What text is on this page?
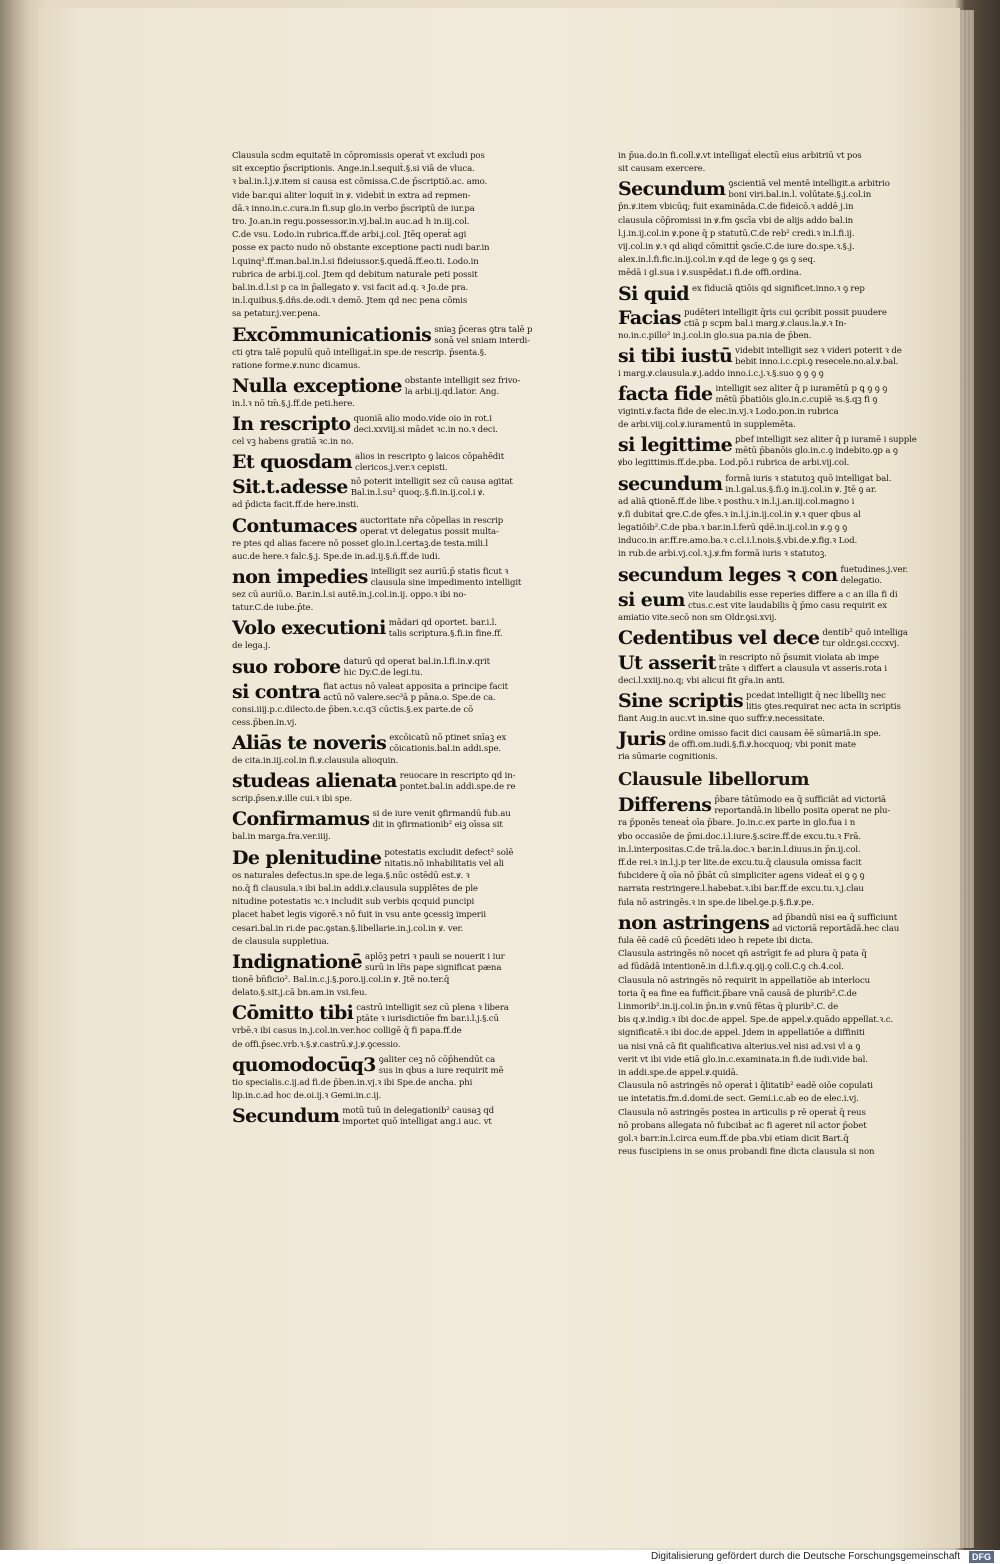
Clausula scdm equitatē in cōpromissis operaṫ vt excludi pos
sit exceptio p̄scriptionis. Ange.in.l.sequiṫ.§.si viā de vluca.
ꝛ bal.in.l.j.ꝟ.item si causa est cōmissa.C.de p̄scriptiõ.ac. amo.
vide bar.qui aliter loquiṫ in ꝟ. videbiṫ in extra ad repmen-
dā.ꝛ inno.in.c.cura.in fi.sup glo.in verbo p̄scriptū de iur.pa
tro. Jo.an.in regu.possessor.in.vj.bal.in auc.ad h in.iij.col.
C.de vsu. Lodo.in rubrica.ff.de arbi.j.col. Jtēq operaṫ agi
posse ex pacto nudo nō obstante exceptione pacti nudi bar.in
l.quinq².ff.man.bal.in.l.si fideiussor.§.quedā.ff.eo.ti. Lodo.in
rubrica de arbi.ij.col. Jtem qd debitum naturale peti possit
bal.in.d.l.si p ca in p̄allegato ꝟ. vsi facit ad.q. ꝛ Jo.de pra.
in.l.quibus.§.dñs.de.odi.ꝛ demō. Jtem qd nec pena cōmis
sa petatur.j.ver.pena.
Excōmmunicationis sniaꝫ p̄ceras ꝯtra talē p
sonā vel sniam interdi-
cti ꝯtra talē populū quō intelligaṫ.in spe.de rescrip. p̄senta.§.
ratione forme.ꝟ.nunc dicamus.
Nulla exceptione obstante intelligiṫ sez frivo-
la arbi.ij.qd.lator. Ang.
in.l.ꝛ nō tm̄.§.j.ff.de peti.here.
In rescripto quoniā alio modo.vide oio in rot.i
deci.xxviij.si mādeṫ ꝛc.in no.ꝛ deci.
cel vꝫ habens gratiā ꝛc.in no.
Et quosdam alios in rescripto ꝯ laicos cōpahēdit
clericos.j.ver.ꝛ cepisti.
Sit.t.adesse nō poterit intelligiṫ sez cū causa agitaṫ
Bal.in.l.su² quoq;.§.fi.in.ij.col.i ꝟ.
ad p̄dicta facit.ff.de here.insti.
Contumaces auctoritate nr̄a cōpellas in rescrip
operaṫ vt delegatus possit multa-
re ptes qd alias facere nō posset glo.in.l.certaꝫ.de testa.mili.l
auc.de here.ꝛ falc.§.j. Spe.de in.ad.ij.§.ñ.ff.de iudi.
non impedies intelligiṫ sez auriū.p̄ statis ficut ꝛ
clausula sine impedimento intelligiṫ
sez cū auriū.o. Bar.in.l.si autē.in.j.col.in.ij. oppo.ꝛ ibi no-
tatur.C.de iube.p̄te.
Volo executioni mādari qd oportet. bar.i.l.
talis scriptura.§.fi.in fine.ff.
de lega.j.
suo robore daturū qd operaṫ bal.in.l.fi.in.ꝟ.qrit
hic Dy.C.de legi.tu.
si contra fiat actus nō valeat apposita a principe facit
actū nō valere.sec³ā p pāna.o. Spe.de ca.
consi.iiij.p.c.dilecto.de p̄ben.ꝛ.c.q3 cūctis.§.ex parte.de cō
cess.p̄ben.in.vj.
Aliās te noveris excōicatū nō ptinet snīaꝫ ex
cōicationis.bal.in addi.spe.
de cita.in.iij.col.in fi.ꝟ.clausula alioquin.
studeas alienata reuocare in rescripto qd in-
pontet.bal.in addi.spe.de re
scrip.p̄sen.ꝟ.ille cui.ꝛ ibi spe.
Confirmamus si de iure venit ꝯfirmandū fub.au
dit in ꝯfirmationib² eiꝫ oīssa sit
bal.in marga.fra.ver.iiij.
De plenitudine potestatis excludit defect² solē
nitatis.nō inhabilitatis vel ali
os naturales defectus.in spe.de lega.§.nūc ostēdū est.ꝟ. ꝛ
no.q̄ fi clausula.ꝛ ibi bal.in addi.ꝟ.clausula supplētes de ple
nitudine potestatis ꝛc.ꝛ includit sub verbis qcquid puncipi
placet habet legis vigorē.ꝛ nō fuit in vsu ante ꝯcessiꝫ imperii
cesari.bal.in ri.de pac.ꝯstan.§.libellarie.in.j.col.in ꝟ. ver.
de clausula suppletiua.
Indignationē aplōꝫ petri ꝛ pauli se nouerit i iur
surū in lr̄is pape significat pæna
tionē b̄n̄ficio². Bal.in.c.j.§.poro.ij.col.in ꝟ. Jtē no.ter.q̄
delato.§.sit.j.cā bn.am.in vsi.feu.
Cōmitto tibi castrū intelligiṫ sez cū plena ꝛ libera
ptāte ꝛ iurisdictiōe fm bar.i.l.j.§.cū
vrbē.ꝛ ibi casus in.j.col.in.ver.hoc colligē q̄ fi papa.ff.de
de offi.p̄sec.vrb.ꝛ.§.ꝟ.castrū.ꝟ.j.ꝟ.ꝯcessio.
quomodocūq3 ꝯaliter ceꝫ nō cōp̄hendūt ca
sus in qbus a iure requirit mē
tio specialis.c.ij.ad fi.de p̄ben.in.vj.ꝛ ibi Spe.de ancha. phi
lip.in.c.ad hoc de.oi.ij.ꝛ Gemi.in.c.ij.
Secundum motū tuū in delegationib² causaꝫ qd
importet quō intelligaṫ ang.i auc. vt
in p̄ua.do.in fi.coll.ꝟ.vt intelligaṫ electū eius arbitriū vt pos
sit causam exercere.
Secundum ꝯscientiā vel mentē intelligiṫ.a arbitrio
boni viri.bal.in.l. volūtate.§.j.col.in
p̄n.ꝟ.item vbicūq; fuit examināda.C.de fideicō.ꝛ addē j.in
clausula cōp̄romissi in ꝟ.fm ꝯscīa vbi de alijs addo bal.in
l.j.in.ij.col.in ꝟ.pone q̄ p statutū.C.de reb² credi.ꝛ in.l.fi.ij.
vij.col.in ꝟ.ꝛ qd aliqd cōmittiṫ ꝯscīe.C.de iure do.spe.ꝛ.§.j.
alex.in.l.fi.fic.in.ij.col.in ꝟ.qd de lege ꝯ ꝯs ꝯ seq.
mēdā i gl.sua i ꝟ.suspēdat.i fi.de offi.ordina.
Si quid ex fiduciā ꝗtiōis qd significet.inno.ꝛ ꝯ rep
Facias pudēteri intelligiṫ q̄ris cui ꝯcribit possit puudere
ctiā p scpm bal.i marg.ꝟ.claus.la.ꝟ.ꝛ In-
no.in.c.pillo² in.j.col.in glo.sua pa.nia de p̄ben.
si tibi iustū videbiṫ intelligiṫ sez ꝛ videri poterit ꝛ de
bebit inno.i.c.cpi.ꝯ resecele.no.al.ꝟ.bal.
i marg.ꝟ.clausula.ꝟ.j.addo inno.i.c.j.ꝛ.§.suo ꝯ ꝯ ꝯ ꝯ
facta fide intelligiṫ sez aliter q̄ p iuramētū p ꝗ ꝯ ꝯ ꝯ
mētū p̄batiōis glo.in.c.cupiē ꝛs.§.qꝫ fi ꝯ
viginti.ꝟ.facta fide de elec.in.vj.ꝛ Lodo.pon.in rubrica
de arbi.viij.col.ꝟ.iuramentū in supplemēta.
si legittime ꝑbef intelligiṫ sez aliter q̄ p iuramē i supple
mētū p̄banōis glo.in.c.ꝯ indebito.ꝯp a ꝯ
ꝟbo legittimis.ff.de.pba. Lod.pō.i rubrica de arbi.vij.col.
secundum formā iuris ꝛ statutoꝫ quō intelligaṫ bal.
in.l.gal.us.§.fi.ꝯ in.ij.col.in ꝟ. Jtē ꝯ ar.
ad aliā ꝗtionē.ff.de libe.ꝛ posthu.ꝛ in.l.j.an.iij.col.magno i
ꝟ.ſi dubitaṫ ꝗre.C.de ꝯfes.ꝛ in.l.j.in.ij.col.in ꝟ.ꝛ quer qbus al
legatiōib².C.de pba.ꝛ bar.in.l.ferū qdē.in.ij.col.in ꝟ.ꝯ ꝯ ꝯ
induco.in ar.ff.re.amo.ba.ꝛ c.cl.i.l.nois.§.vbi.de.ꝟ.fig.ꝛ Lod.
in rub.de arbi.vj.col.ꝛ.j.ꝟ.fm formā iuris ꝛ statutoꝫ.
secundum leges ꝛ con fuetudines.j.ver.
delegatio.
si eum vite laudabilis esse reperies differe a c an illa fi di
ctus.c.est vite laudabilis q̄ p̄mo casu requirit ex
amiatio vite.secō non sm Oldr.ꝯsi.xvij.
Cedentibus vel dece dentib² quō intelliga
tur oldr.ꝯsi.cccxvj.
Ut asserit in rescripto nō p̄sumiṫ violata ab impe
trāte ꝛ differt a clausula vt asseris.rota i
deci.l.xxiij.no.q; vbi alicui fit gr̄a.in anti.
Sine scriptis pcedaṫ intelligiṫ q̄ nec libelliꝫ nec
litis ꝯtes.requiraṫ nec acta in scriptis
fiant Aug.in auc.vt in.sine quo suffr.ꝟ.necessitate.
Juris ordine omisso facit dici causam ēē sūmariā.in spe.
de offi.om.iudi.§.fi.ꝟ.hocquoq; vbi ponit mate
ria sūmarie cognitionis.
Clausule libellorum
Differens p̄bare tātūmodo ea q̄ sufficiāt ad victoriā
reportandā.in libello posita operaṫ ne plu-
ra p̄ponēs teneaṫ oīa p̄bare. Jo.in.c.ex parte in glo.fua i n
ꝟbo occasiōe de p̄mi.doc.i.l.iure.§.scire.ff.de excu.tu.ꝛ Frā.
in.l.interpositas.C.de trā.la.doc.ꝛ bar.in.l.diuus.in p̄n.ij.col.
ff.de rei.ꝛ in.l.j.p ter lite.de excu.tu.q̄ clausula omissa facit
fubcidere q̄ oīa nō p̄bāt cū simpliciter agens videaṫ ei ꝯ ꝯ ꝯ
narrata restringere.l.habebat.ꝛ.ibi bar.ff.de excu.tu.ꝛ.j.clau
fula nō astringēs.ꝛ in spe.de libel.ꝯe.p.§.fi.ꝟ.pe.
non astringens ad p̄bandū nisi ea q̄ sufficiunt
ad victoriā reportādā.hec clau
fula ēē cadē cū p̄cedēti ideo h repete ibi dicta.
Clausula astringēs nō nocet qñ astrīgit fe ad plura q̄ pata q̄
ad fūdādā intentionē.in d.l.fi.ꝟ.q.ꝯij.ꝯ coll.C.ꝯ ch.4.col.
Clausula nō astringēs nō requirit in appellatiōe ab interlocu
toria q̄ ea fine ea fufficit.p̄bare vnā causā de plurib².C.de
l.inmorib².in.ij.col.in p̄n.in ꝟ.vnū fētas q̄ plurib².C. de
bis q.ꝟ.indig.ꝛ ibi doc.de appel. Spe.de appel.ꝟ.quādo appellat.ꝛ.c.
significatē.ꝛ ibi doc.de appel. Jdem in appellatiōe a diffiniti
ua nisi vnā cā fit qualificativa alterius.vel nisi ad.vsi vl a ꝯ
verit vt ibi vide etiā glo.in.c.examinata.in fi.de iudi.vide bal.
in addi.spe.de appel.ꝟ.quidā.
Clausula nō astringēs nō operaṫ i q̄litatib² eadē oiōe copulati
ue intetatis.fm.d.domi.de sect. Gemi.i.c.ab eo de elec.i.vj.
Clausula nō astringēs postea in articulis p rē operaṫ q̄ reus
nō probans allegata nō fubcibaṫ ac fi ageret nil actor p̄obet
gol.ꝛ barr.in.l.circa eum.ff.de pba.vbi etiam dicit Bart.q̄
reus fuscipiens in se onus probandi fine dicta clausula si non
Digitalisierung gefördert durch die Deutsche Forschungsgemeinschaft	DFG
